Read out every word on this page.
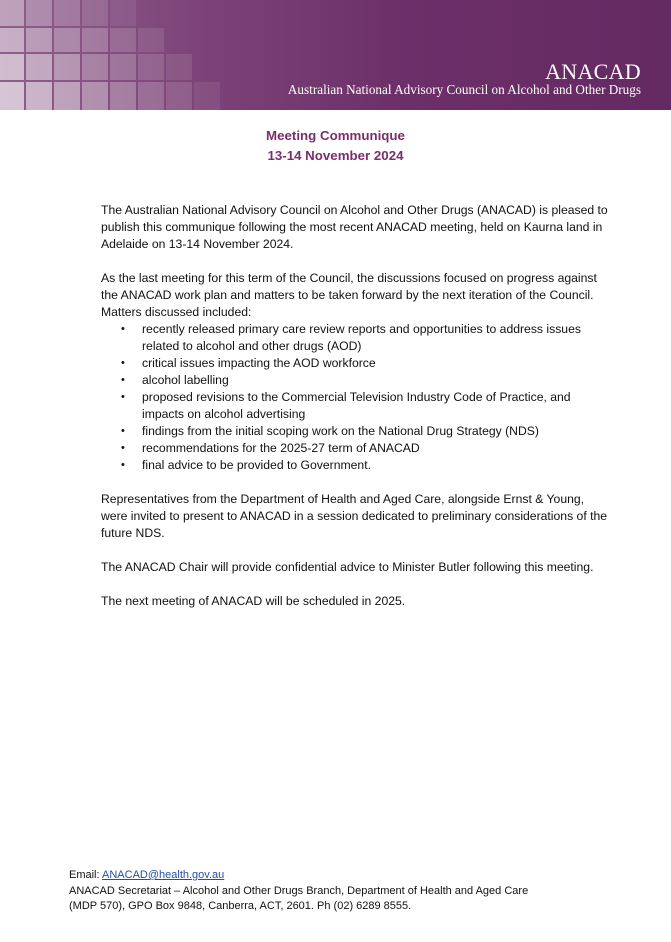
ANACAD
Australian National Advisory Council on Alcohol and Other Drugs
Meeting Communique
13-14 November 2024

The Australian National Advisory Council on Alcohol and Other Drugs (ANACAD) is pleased to publish this communique following the most recent ANACAD meeting, held on Kaurna land in Adelaide on 13-14 November 2024.

As the last meeting for this term of the Council, the discussions focused on progress against the ANACAD work plan and matters to be taken forward by the next iteration of the Council. Matters discussed included:

• recently released primary care review reports and opportunities to address issues related to alcohol and other drugs (AOD)
• critical issues impacting the AOD workforce
• alcohol labelling
• proposed revisions to the Commercial Television Industry Code of Practice, and impacts on alcohol advertising
• findings from the initial scoping work on the National Drug Strategy (NDS)
• recommendations for the 2025-27 term of ANACAD
• final advice to be provided to Government.

Representatives from the Department of Health and Aged Care, alongside Ernst & Young, were invited to present to ANACAD in a session dedicated to preliminary considerations of the future NDS.

The ANACAD Chair will provide confidential advice to Minister Butler following this meeting.

The next meeting of ANACAD will be scheduled in 2025.

Email: ANACAD@health.gov.au
ANACAD Secretariat – Alcohol and Other Drugs Branch, Department of Health and Aged Care
(MDP 570), GPO Box 9848, Canberra, ACT, 2601. Ph (02) 6289 8555.
